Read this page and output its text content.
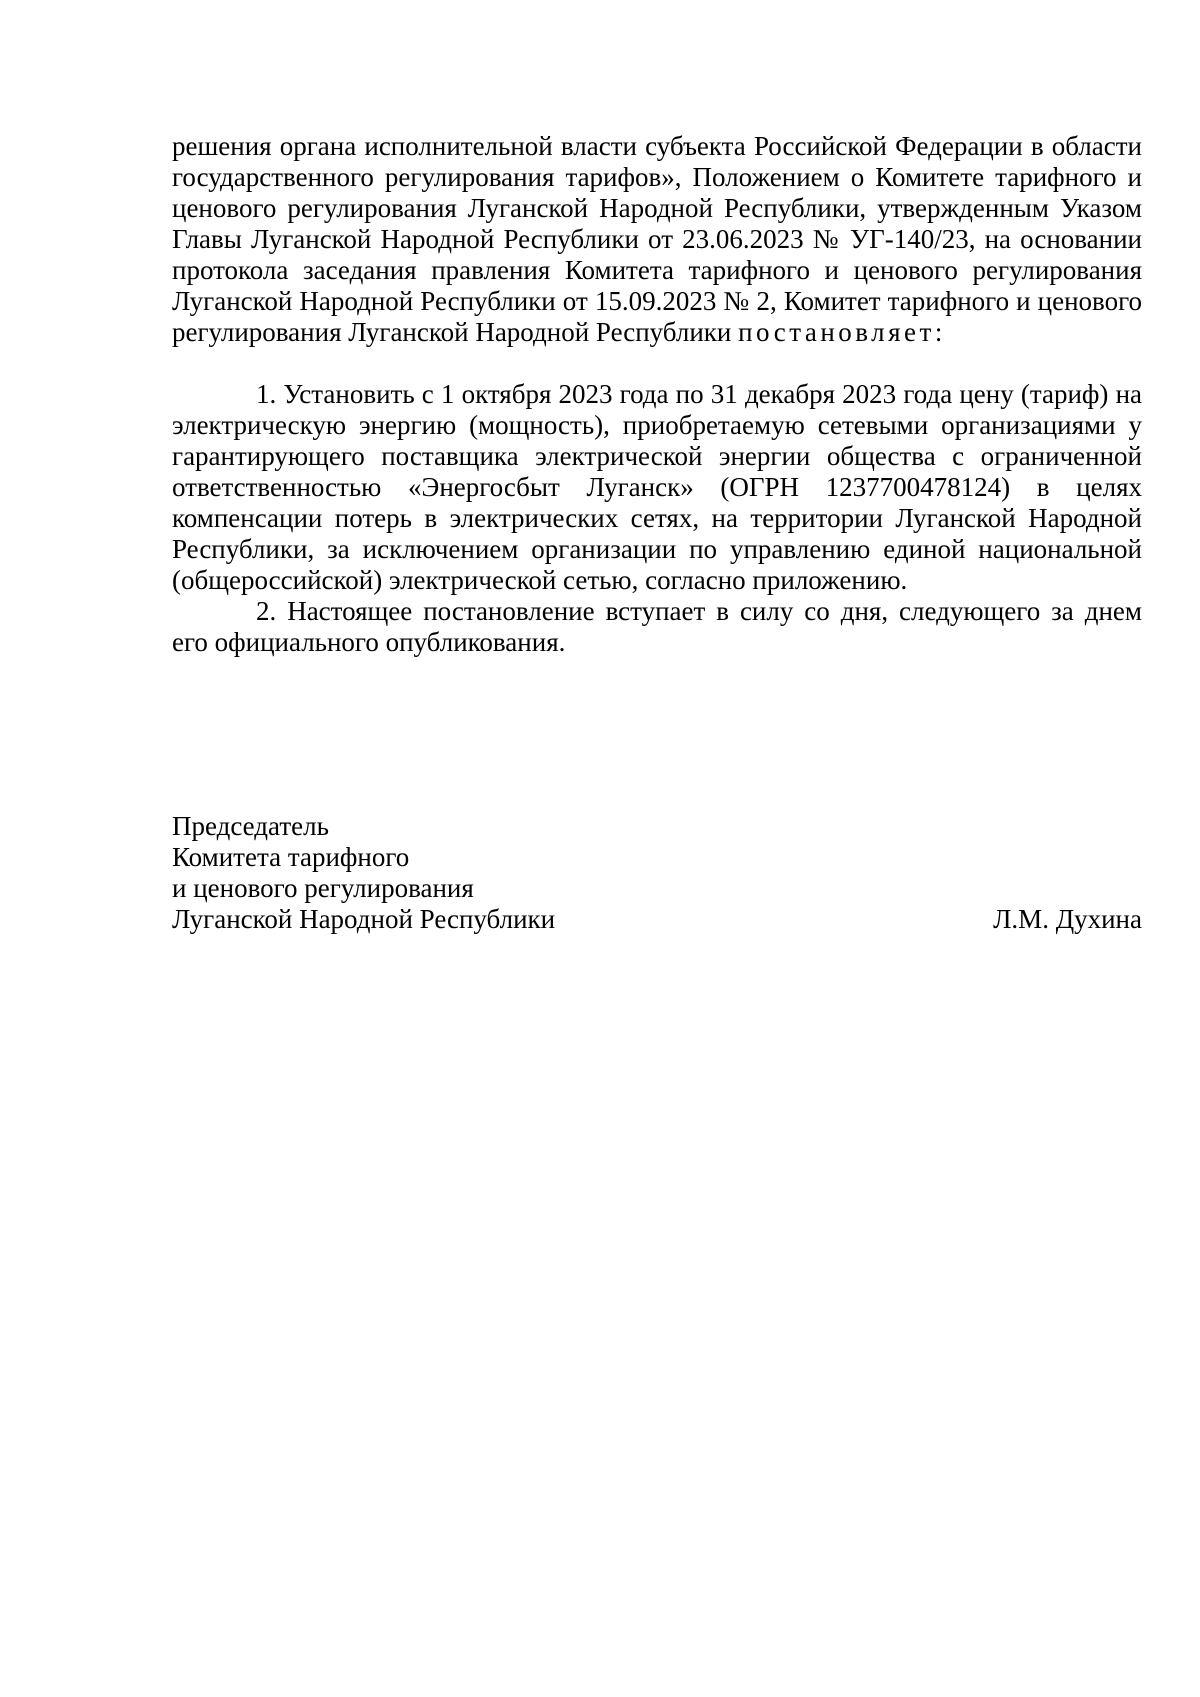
решения органа исполнительной власти субъекта Российской Федерации в области государственного регулирования тарифов», Положением о Комитете тарифного и ценового регулирования Луганской Народной Республики, утвержденным Указом Главы Луганской Народной Республики от 23.06.2023 № УГ-140/23, на основании протокола заседания правления Комитета тарифного и ценового регулирования Луганской Народной Республики от 15.09.2023 № 2, Комитет тарифного и ценового регулирования Луганской Народной Республики постановляет:

1. Установить с 1 октября 2023 года по 31 декабря 2023 года цену (тариф) на электрическую энергию (мощность), приобретаемую сетевыми организациями у гарантирующего поставщика электрической энергии общества с ограниченной ответственностью «Энергосбыт Луганск» (ОГРН 1237700478124) в целях компенсации потерь в электрических сетях, на территории Луганской Народной Республики, за исключением организации по управлению единой национальной (общероссийской) электрической сетью, согласно приложению.

2. Настоящее постановление вступает в силу со дня, следующего за днем его официального опубликования.

Председатель
Комитета тарифного
и ценового регулирования
Луганской Народной Республики	Л.М. Духина
